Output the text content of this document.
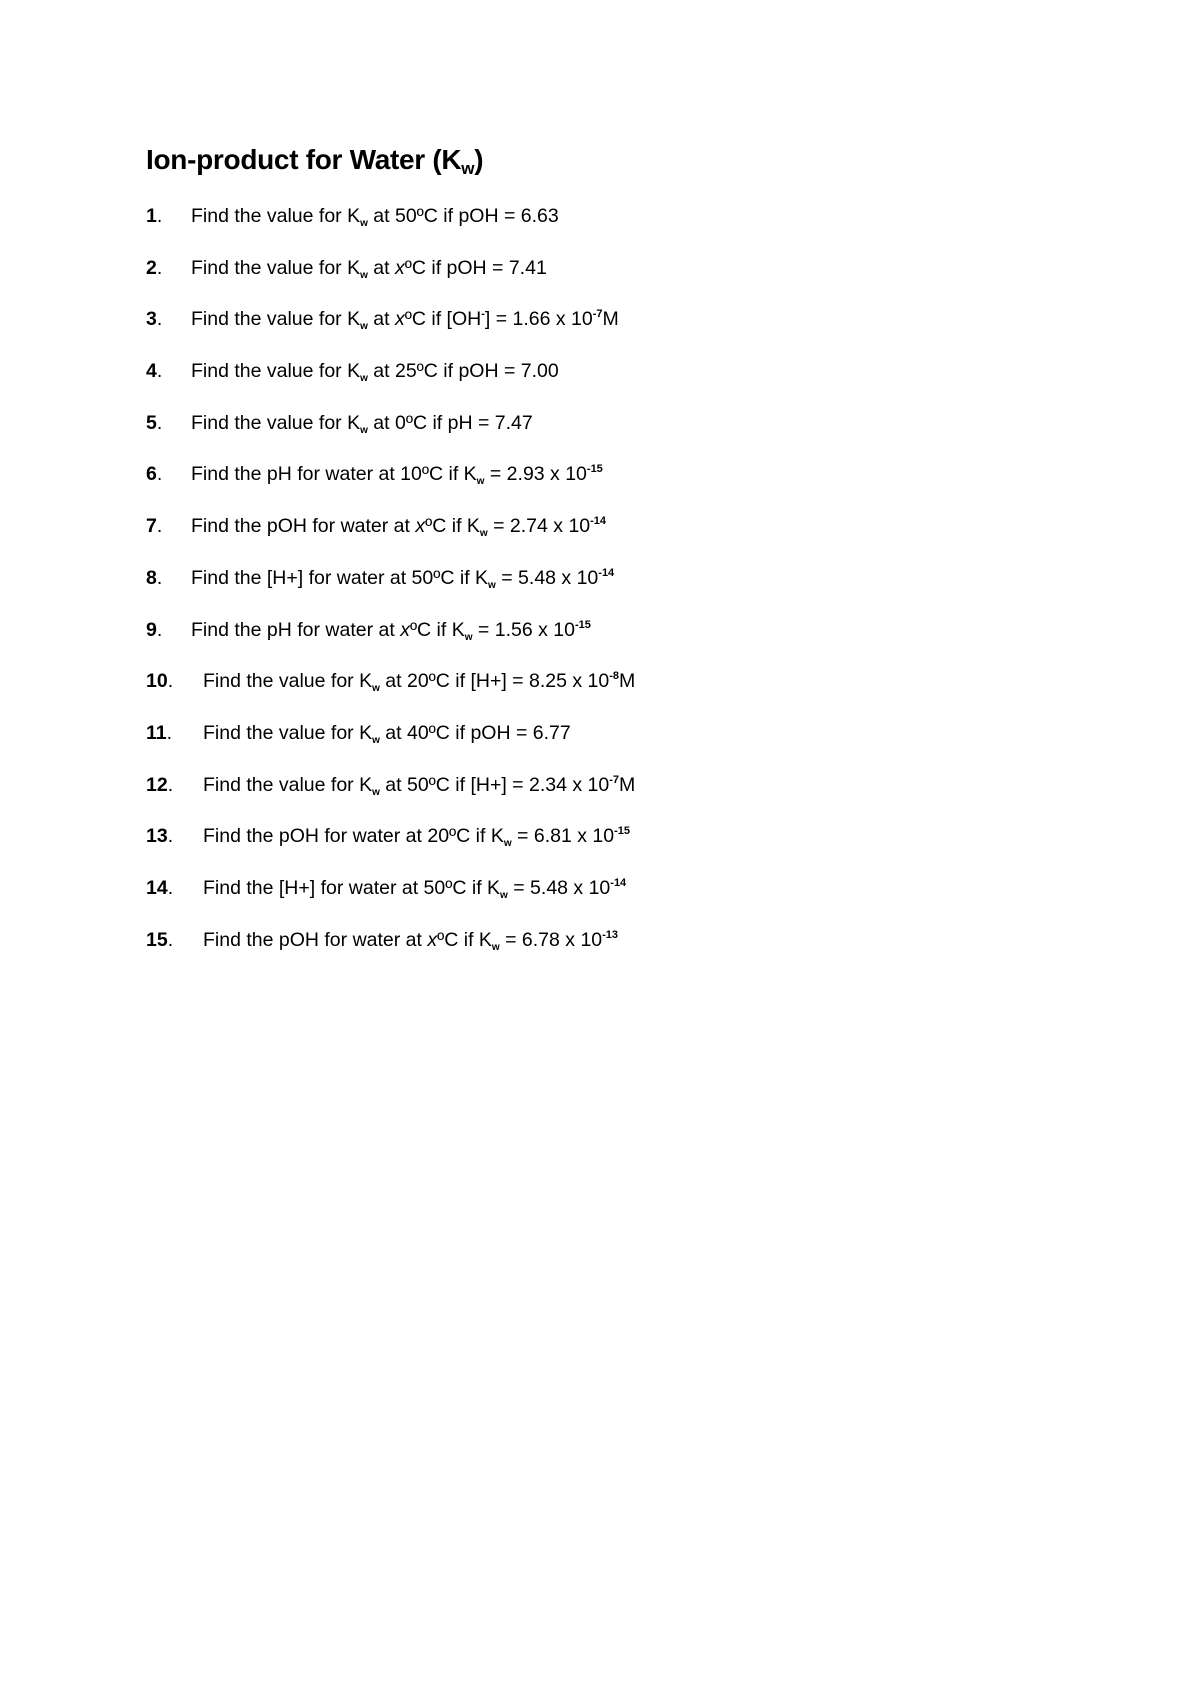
Ion-product for Water $(K_w)$
1.	Find the value for $K_w$ at 50ºC if pOH = 6.63
2.	Find the value for $K_w$ at xºC if pOH = 7.41
3.	Find the value for $K_w$ at xºC if [OH-] = 1.66 x $10^{-7}M$
4.	Find the value for $K_w$ at 25ºC if pOH = 7.00
5.	Find the value for $K_w$ at 0ºC if pH = 7.47
6.	Find the pH for water at 10ºC if $K_w = 2.93$ x $10^{-15}$
7.	Find the pOH for water at xºC if $K_w = 2.74$ x $10^{-14}$
8.	Find the [H+] for water at 50ºC if $K_w = 5.48$ x $10^{-14}$
9.	Find the pH for water at xºC if $K_w = 1.56$ x $10^{-15}$
10.	Find the value for $K_w$ at 20ºC if [H+] = 8.25 x $10^{-8}M$
11.	Find the value for $K_w$ at 40ºC if pOH = 6.77
12.	Find the value for $K_w$ at 50ºC if [H+] = 2.34 x $10^{-7}M$
13.	Find the pOH for water at 20ºC if $K_w = 6.81$ x $10^{-15}$
14.	Find the [H+] for water at 50ºC if $K_w = 5.48$ x $10^{-14}$
15.	Find the pOH for water at xºC if $K_w = 6.78$ x $10^{-13}$
